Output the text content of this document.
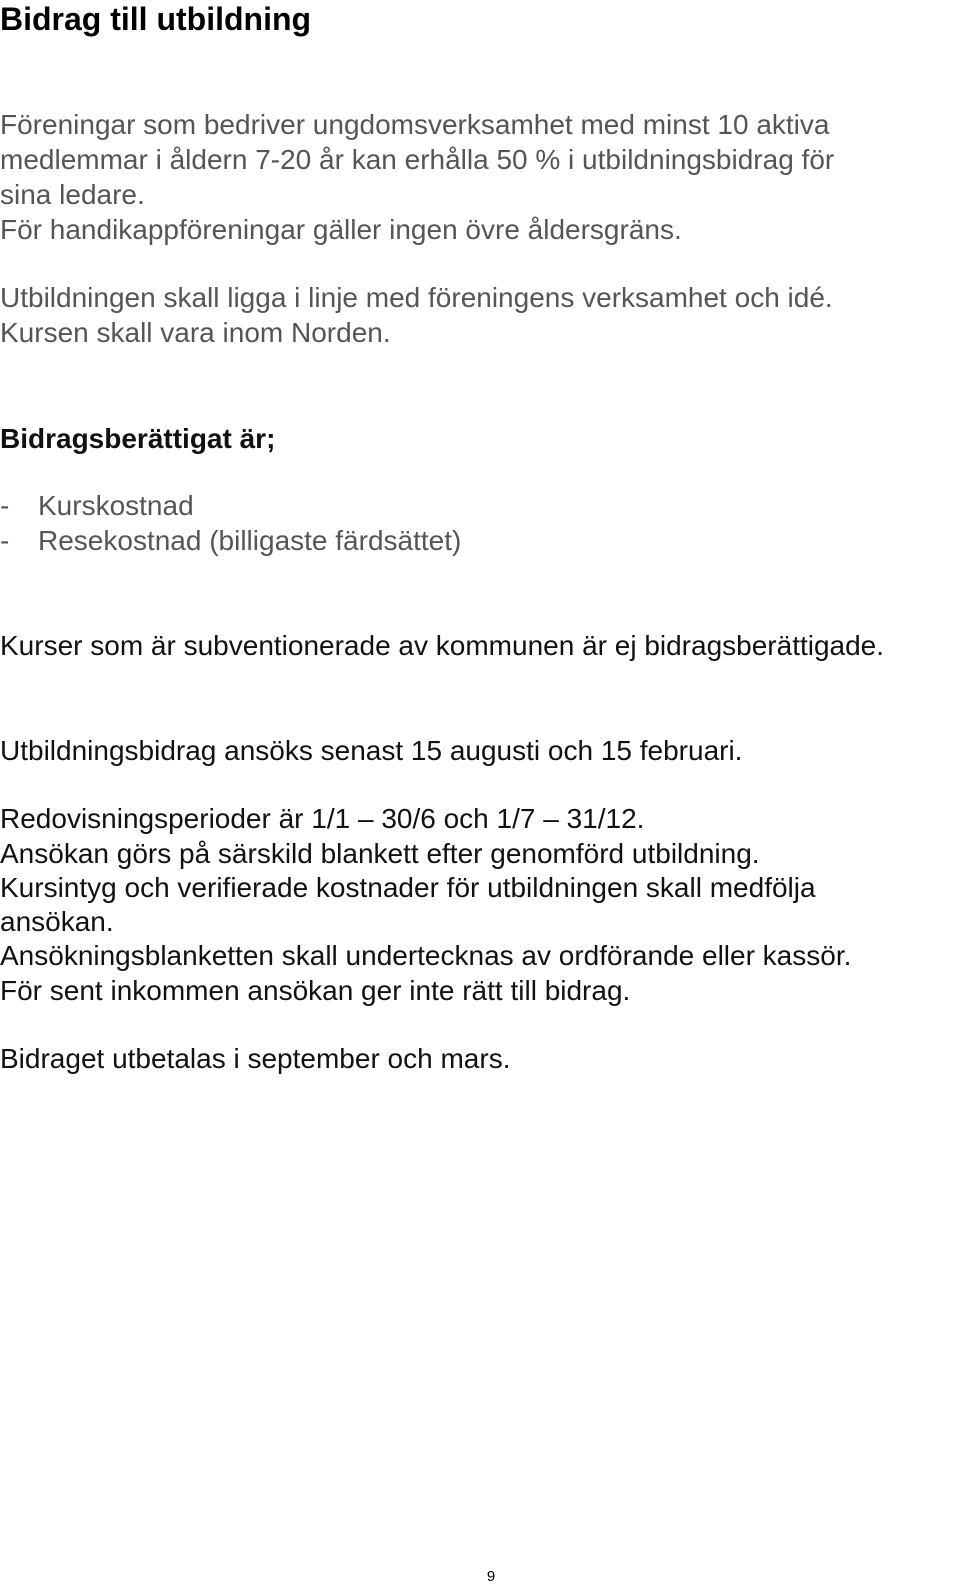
Bidrag till utbildning
Föreningar som bedriver ungdomsverksamhet med minst 10 aktiva
medlemmar i åldern 7-20 år kan erhålla 50 % i utbildningsbidrag för
sina ledare.
För handikappföreningar gäller ingen övre åldersgräns.
Utbildningen skall ligga i linje med föreningens verksamhet och idé.
Kursen skall vara inom Norden.
Bidragsberättigat är;
- Kurskostnad
- Resekostnad (billigaste färdsättet)
Kurser som är subventionerade av kommunen är ej bidragsberättigade.
Utbildningsbidrag ansöks senast 15 augusti och 15 februari.
Redovisningsperioder är 1/1 – 30/6 och 1/7 – 31/12.
Ansökan görs på särskild blankett efter genomförd utbildning.
Kursintyg och verifierade kostnader för utbildningen skall medfölja
ansökan.
Ansökningsblanketten skall undertecknas av ordförande eller kassör.
För sent inkommen ansökan ger inte rätt till bidrag.
Bidraget utbetalas i september och mars.
9
